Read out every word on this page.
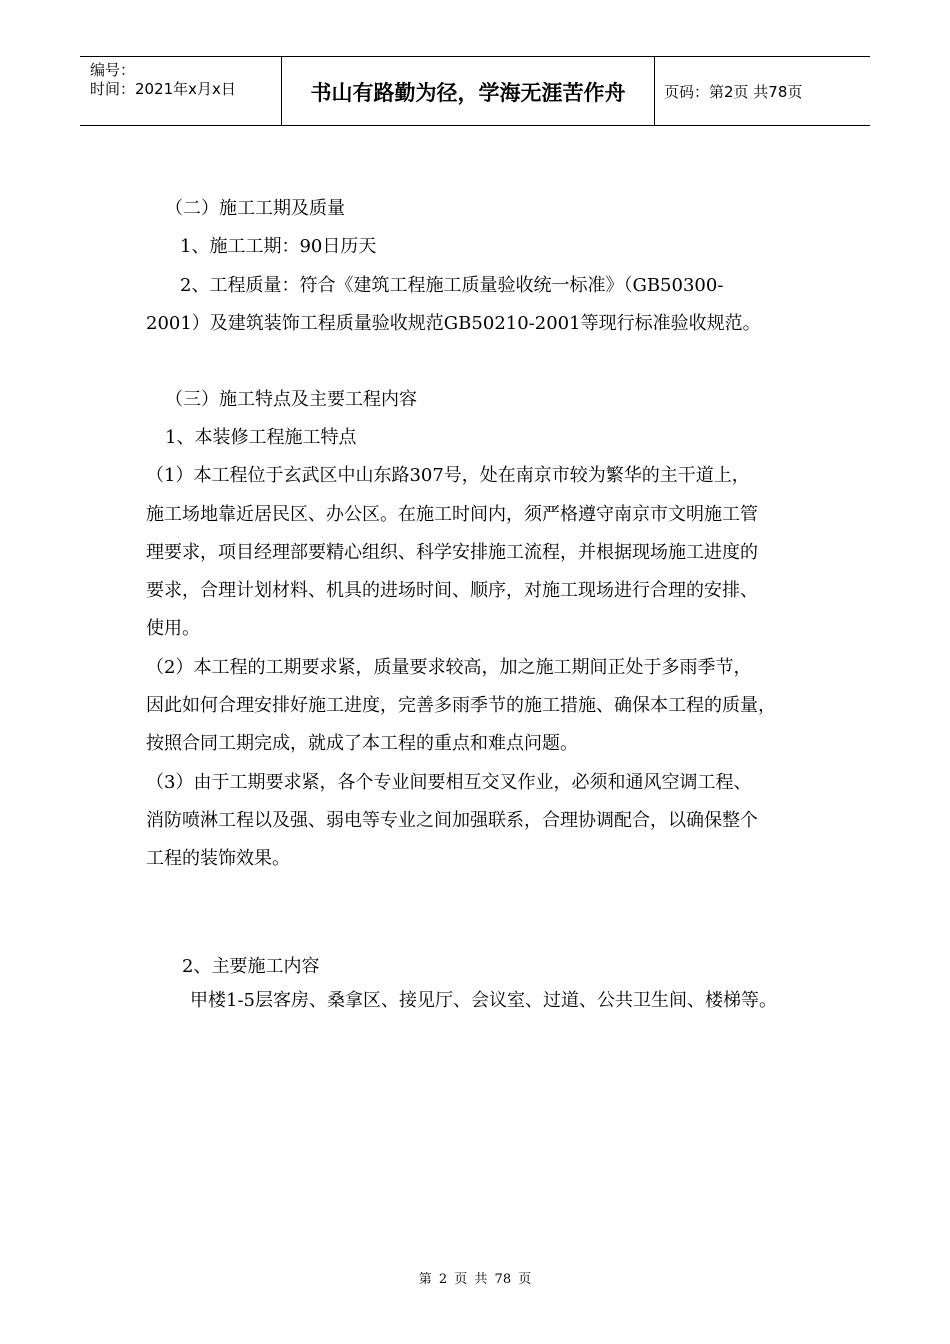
编号：
时间：2021年x月x日	书山有路勤为径，学海无涯苦作舟	页码：第2页 共78页

（二）施工工期及质量

1、施工工期：90日历天

2、工程质量：符合《建筑工程施工质量验收统一标准》（GB50300-

2001）及建筑装饰工程质量验收规范GB50210-2001等现行标准验收规范。

（三）施工特点及主要工程内容

1、本装修工程施工特点

（1）本工程位于玄武区中山东路307号，处在南京市较为繁华的主干道上，

施工场地靠近居民区、办公区。在施工时间内，须严格遵守南京市文明施工管

理要求，项目经理部要精心组织、科学安排施工流程，并根据现场施工进度的

要求，合理计划材料、机具的进场时间、顺序，对施工现场进行合理的安排、

使用。

（2）本工程的工期要求紧，质量要求较高，加之施工期间正处于多雨季节，

因此如何合理安排好施工进度，完善多雨季节的施工措施、确保本工程的质量，

按照合同工期完成，就成了本工程的重点和难点问题。

（3）由于工期要求紧，各个专业间要相互交叉作业，必须和通风空调工程、

消防喷淋工程以及强、弱电等专业之间加强联系，合理协调配合，以确保整个

工程的装饰效果。

2、主要施工内容

甲楼1-5层客房、桑拿区、接见厅、会议室、过道、公共卫生间、楼梯等。

第 2 页 共 78 页
